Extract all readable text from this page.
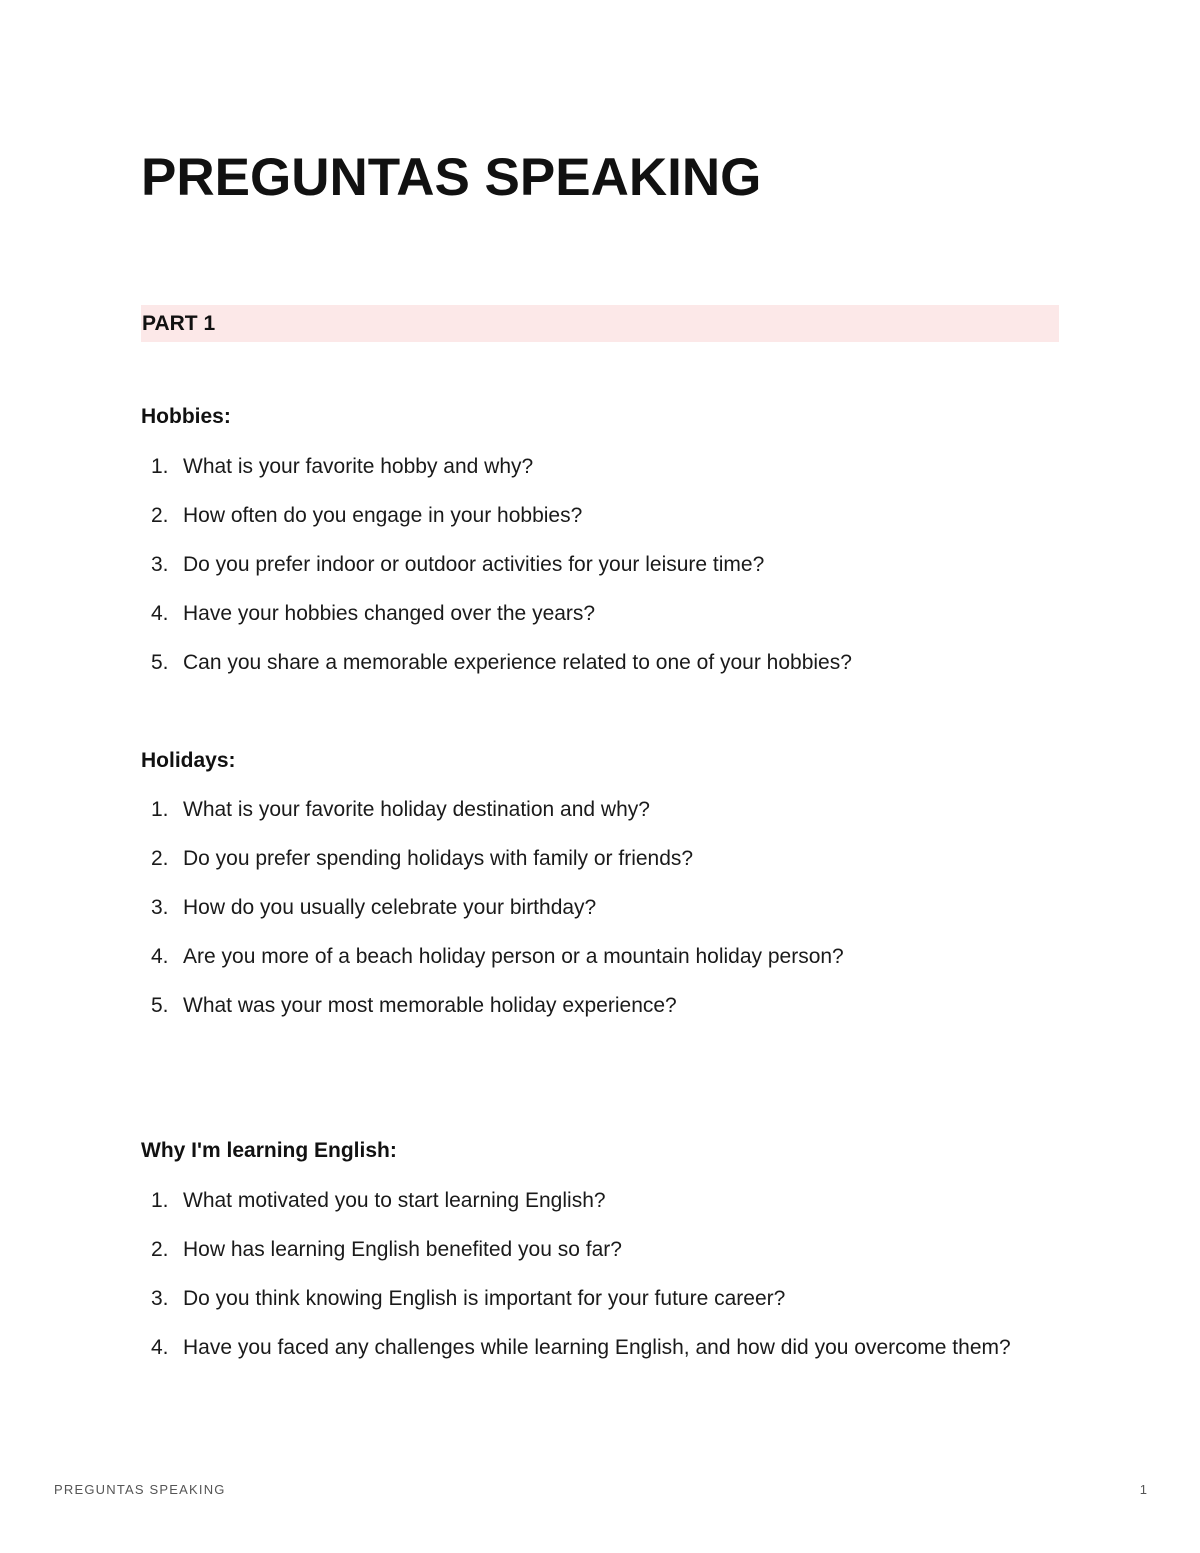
PREGUNTAS SPEAKING
PART 1
Hobbies:
1. What is your favorite hobby and why?
2. How often do you engage in your hobbies?
3. Do you prefer indoor or outdoor activities for your leisure time?
4. Have your hobbies changed over the years?
5. Can you share a memorable experience related to one of your hobbies?
Holidays:
1. What is your favorite holiday destination and why?
2. Do you prefer spending holidays with family or friends?
3. How do you usually celebrate your birthday?
4. Are you more of a beach holiday person or a mountain holiday person?
5. What was your most memorable holiday experience?
Why I'm learning English:
1. What motivated you to start learning English?
2. How has learning English benefited you so far?
3. Do you think knowing English is important for your future career?
4. Have you faced any challenges while learning English, and how did you overcome them?
PREGUNTAS SPEAKING	1
